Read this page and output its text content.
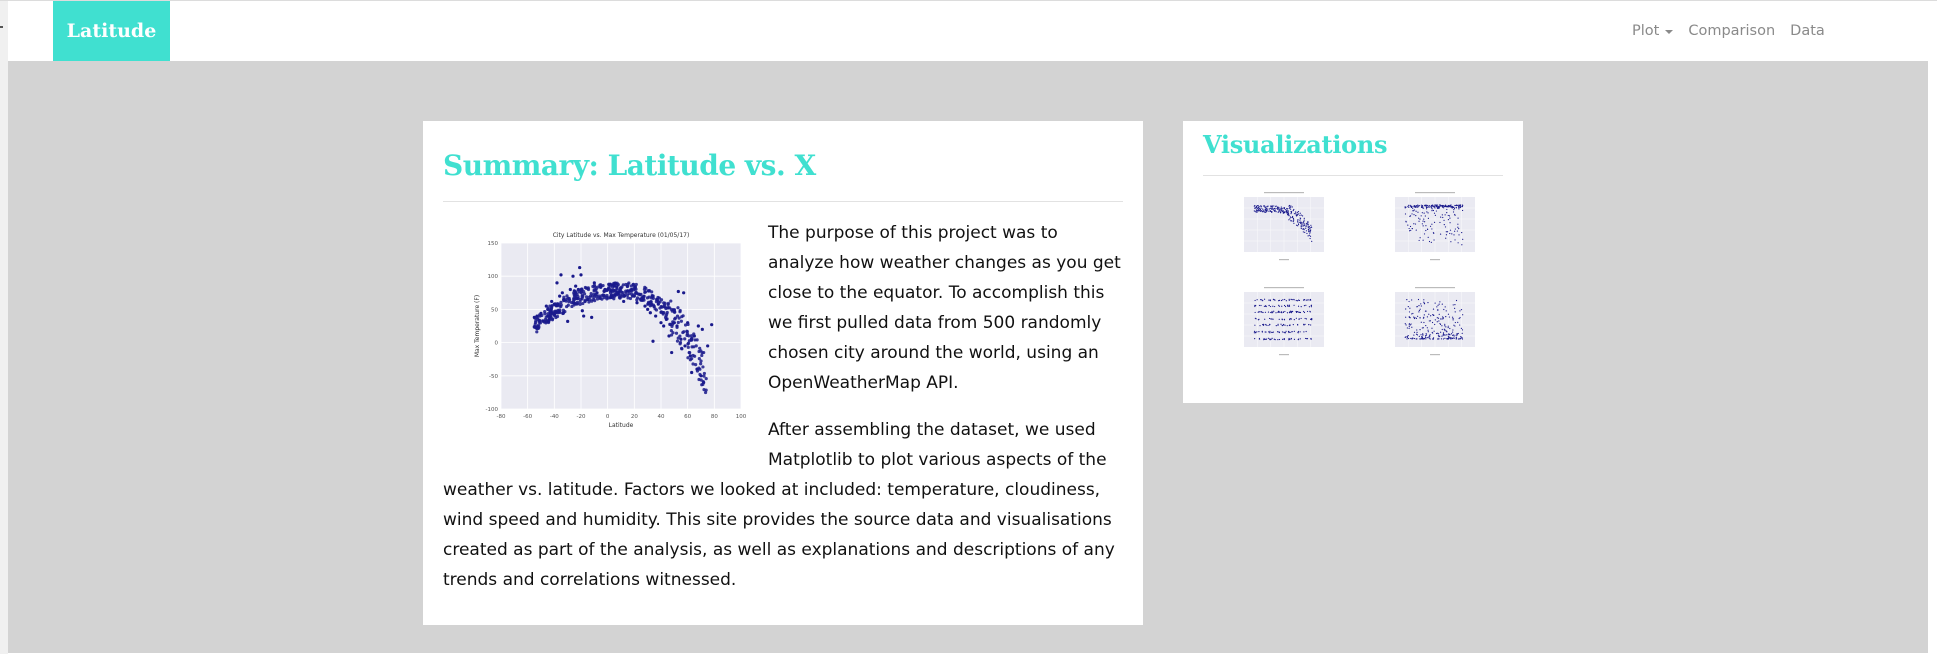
Latitude	Plot Comparison Data
Summary: Latitude vs. X
-80	-60	-40	-20	0	20	40	60	80	100
150
100
50
0
-50
-100
City Latitude vs. Max Temperature (01/05/17)
Latitude
Max Temperature (F)

The purpose of this project was to analyze how weather changes as you get close to the equator. To accomplish this we first pulled data from 500 randomly chosen city around the world, using an OpenWeatherMap API.

After assembling the dataset, we used Matplotlib to plot various aspects of the
weather vs. latitude. Factors we looked at included: temperature, cloudiness, wind speed and humidity. This site provides the source data and visualisations created as part of the analysis, as well as explanations and descriptions of any trends and correlations witnessed.
Visualizations
